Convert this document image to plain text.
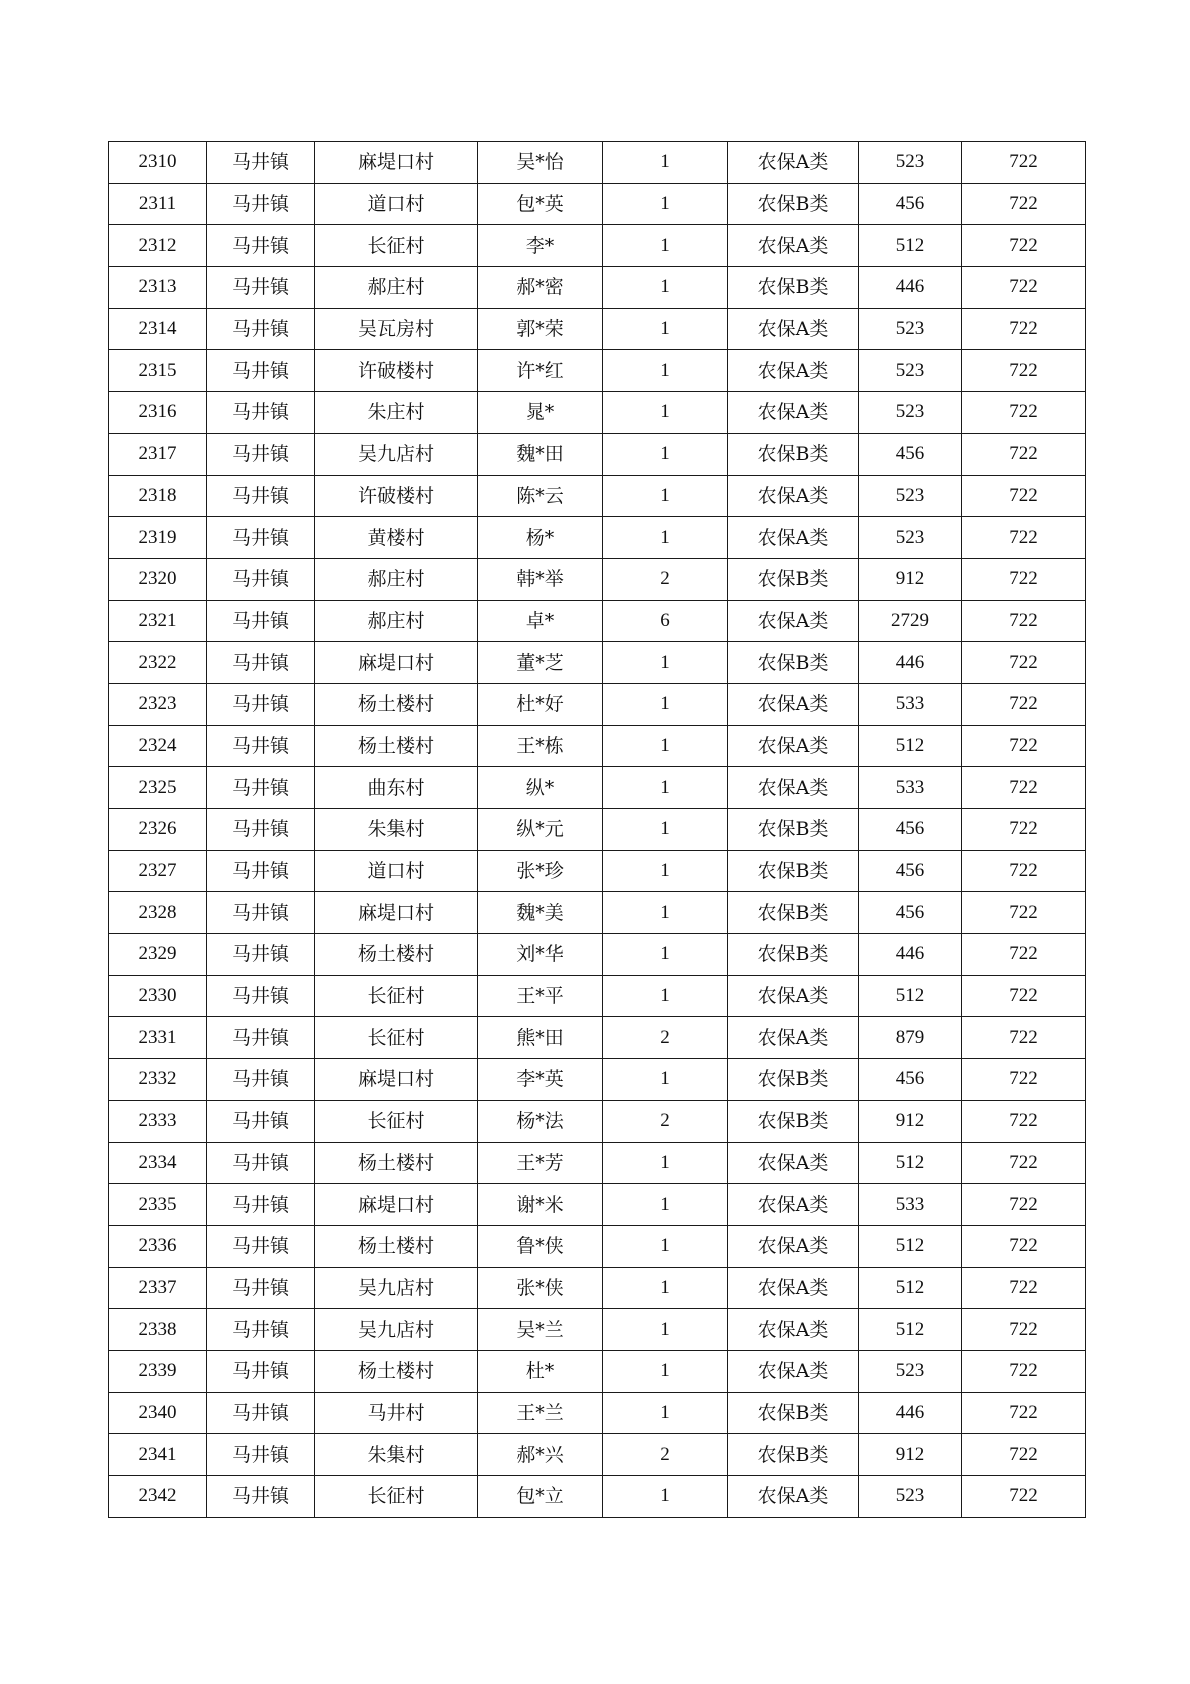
2310	马井镇	麻堤口村	吴*怡	1	农保A类	523	722
2311	马井镇	道口村	包*英	1	农保B类	456	722
2312	马井镇	长征村	李*	1	农保A类	512	722
2313	马井镇	郝庄村	郝*密	1	农保B类	446	722
2314	马井镇	吴瓦房村	郭*荣	1	农保A类	523	722
2315	马井镇	许破楼村	许*红	1	农保A类	523	722
2316	马井镇	朱庄村	晁*	1	农保A类	523	722
2317	马井镇	吴九店村	魏*田	1	农保B类	456	722
2318	马井镇	许破楼村	陈*云	1	农保A类	523	722
2319	马井镇	黄楼村	杨*	1	农保A类	523	722
2320	马井镇	郝庄村	韩*举	2	农保B类	912	722
2321	马井镇	郝庄村	卓*	6	农保A类	2729	722
2322	马井镇	麻堤口村	董*芝	1	农保B类	446	722
2323	马井镇	杨土楼村	杜*好	1	农保A类	533	722
2324	马井镇	杨土楼村	王*栋	1	农保A类	512	722
2325	马井镇	曲东村	纵*	1	农保A类	533	722
2326	马井镇	朱集村	纵*元	1	农保B类	456	722
2327	马井镇	道口村	张*珍	1	农保B类	456	722
2328	马井镇	麻堤口村	魏*美	1	农保B类	456	722
2329	马井镇	杨土楼村	刘*华	1	农保B类	446	722
2330	马井镇	长征村	王*平	1	农保A类	512	722
2331	马井镇	长征村	熊*田	2	农保A类	879	722
2332	马井镇	麻堤口村	李*英	1	农保B类	456	722
2333	马井镇	长征村	杨*法	2	农保B类	912	722
2334	马井镇	杨土楼村	王*芳	1	农保A类	512	722
2335	马井镇	麻堤口村	谢*米	1	农保A类	533	722
2336	马井镇	杨土楼村	鲁*侠	1	农保A类	512	722
2337	马井镇	吴九店村	张*侠	1	农保A类	512	722
2338	马井镇	吴九店村	吴*兰	1	农保A类	512	722
2339	马井镇	杨土楼村	杜*	1	农保A类	523	722
2340	马井镇	马井村	王*兰	1	农保B类	446	722
2341	马井镇	朱集村	郝*兴	2	农保B类	912	722
2342	马井镇	长征村	包*立	1	农保A类	523	722
